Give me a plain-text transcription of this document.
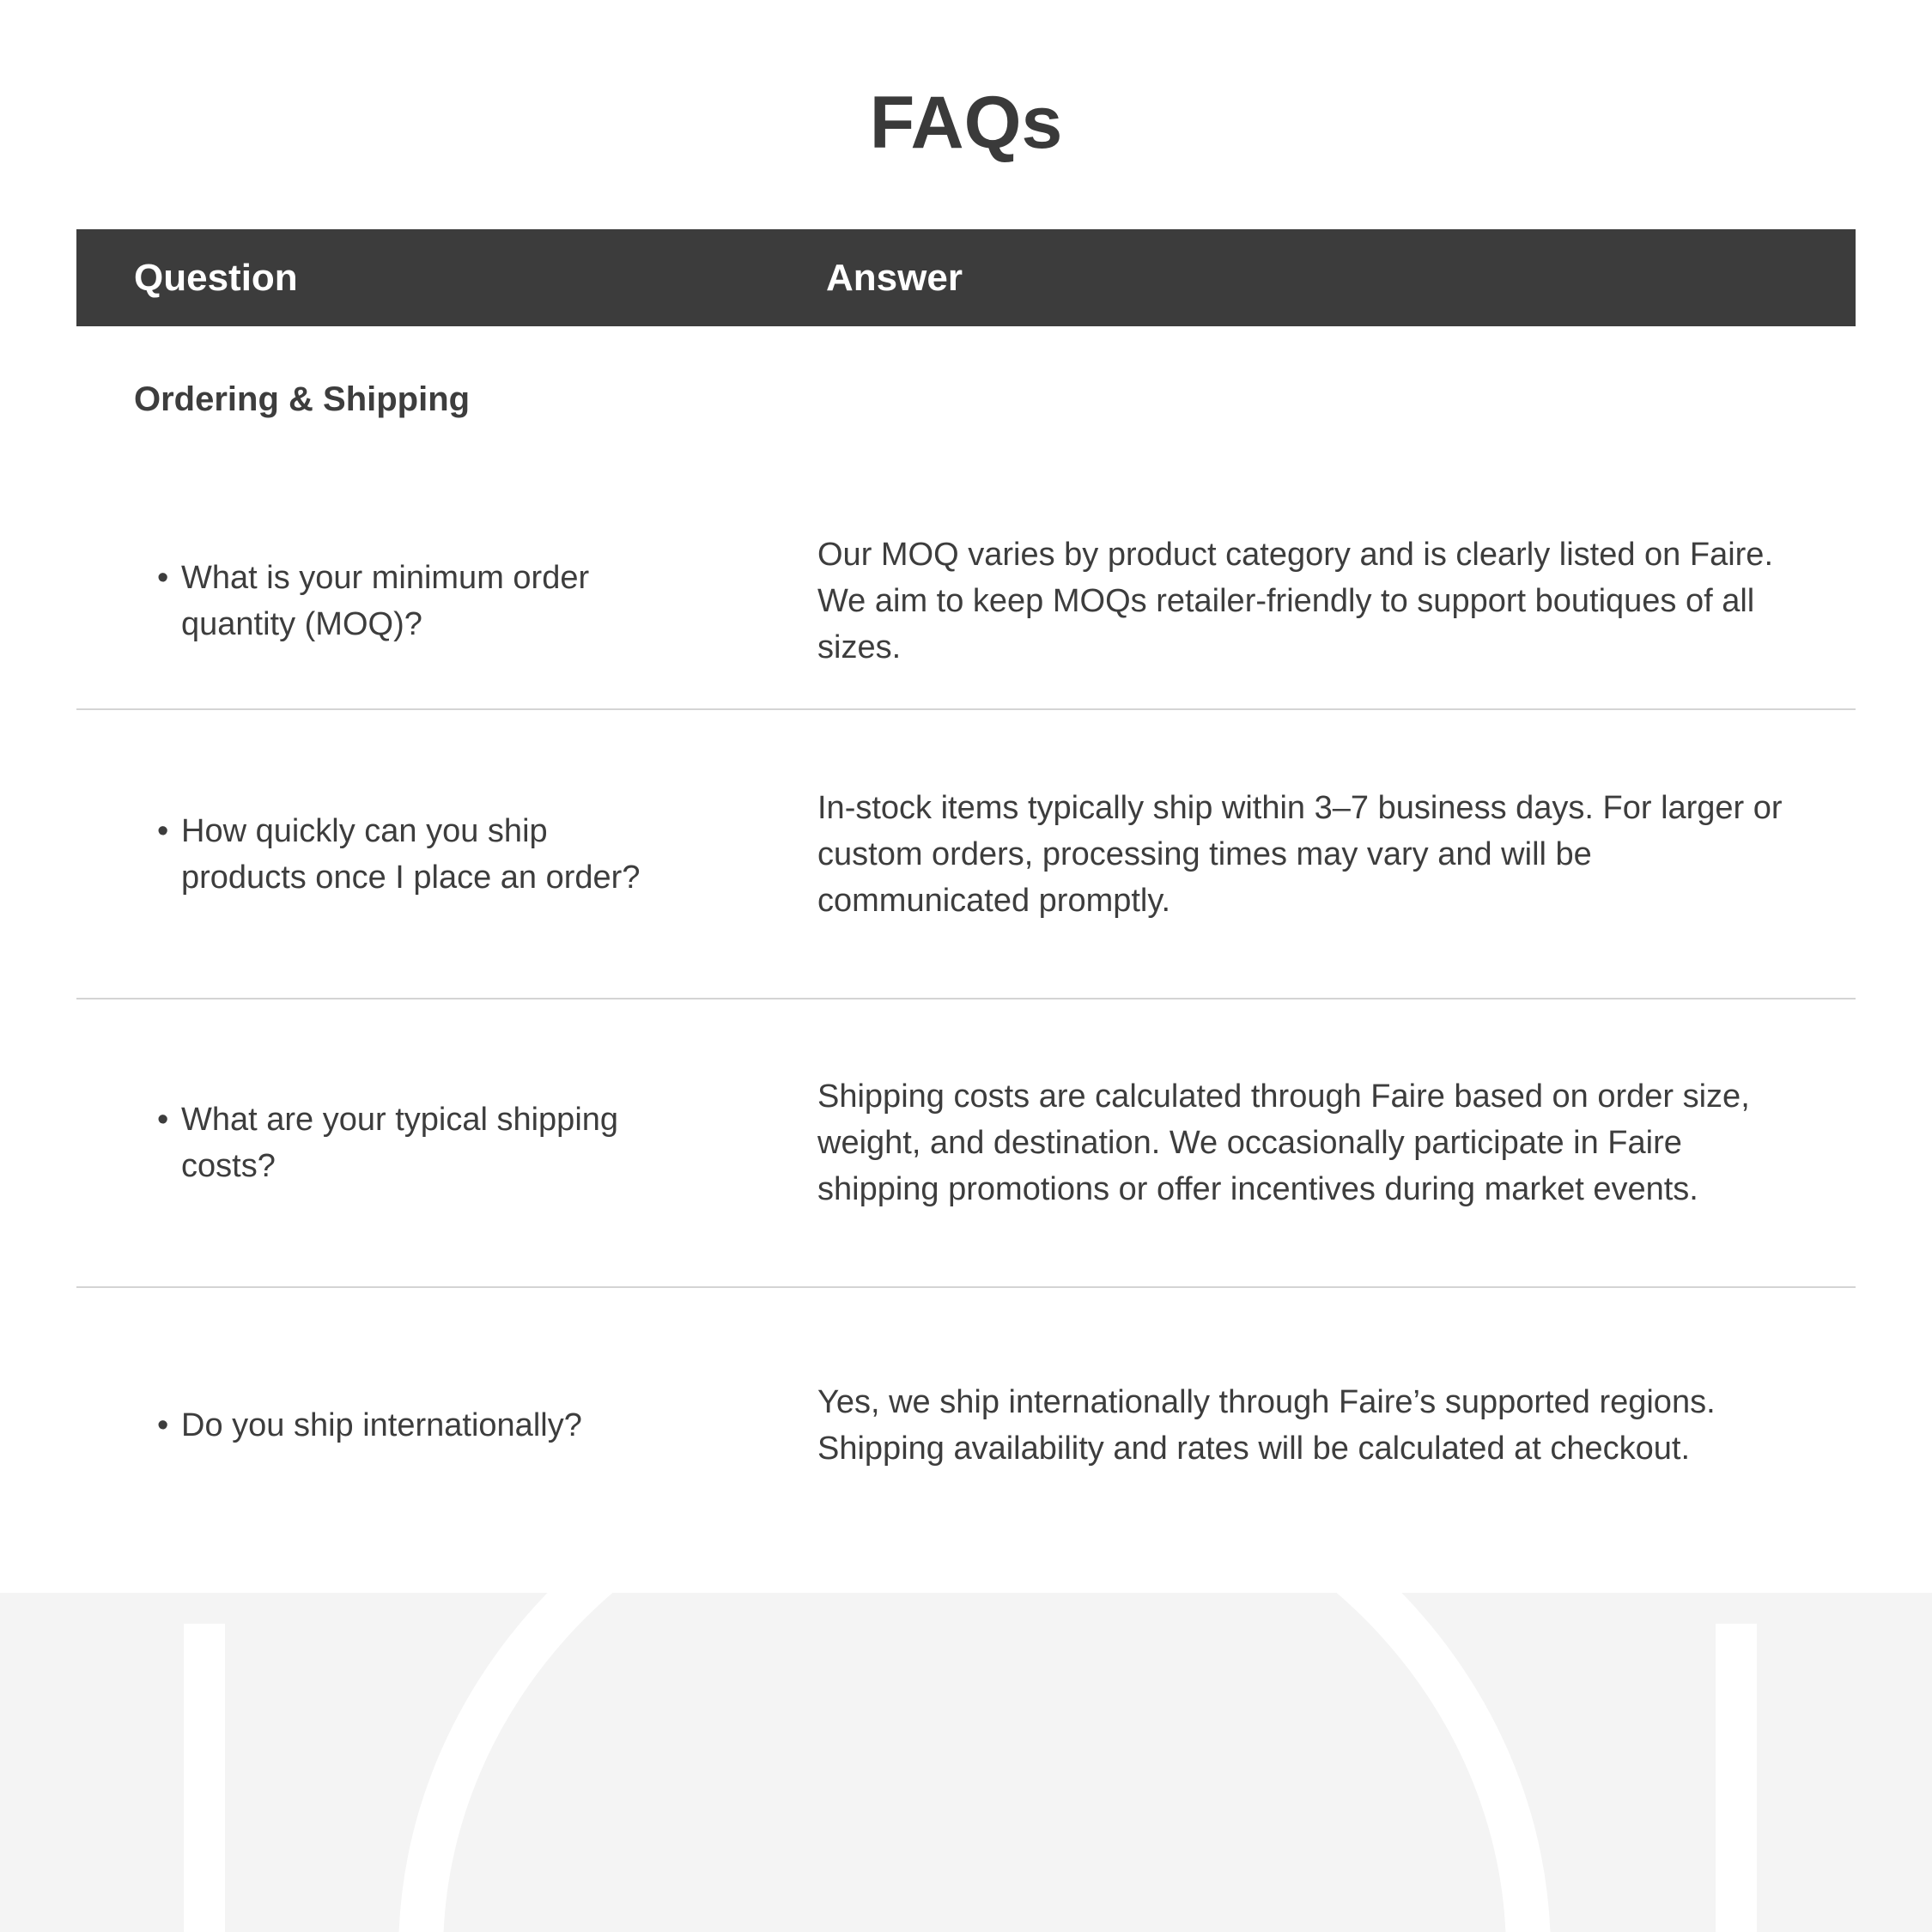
FAQs
Question	Answer
Ordering & Shipping
• What is your minimum order quantity (MOQ)?
Our MOQ varies by product category and is clearly listed on Faire. We aim to keep MOQs retailer-friendly to support boutiques of all sizes.
• How quickly can you ship products once I place an order?
In-stock items typically ship within 3–7 business days. For larger or custom orders, processing times may vary and will be communicated promptly.
• What are your typical shipping costs?
Shipping costs are calculated through Faire based on order size, weight, and destination. We occasionally participate in Faire shipping promotions or offer incentives during market events.
• Do you ship internationally?
Yes, we ship internationally through Faire’s supported regions. Shipping availability and rates will be calculated at checkout.
